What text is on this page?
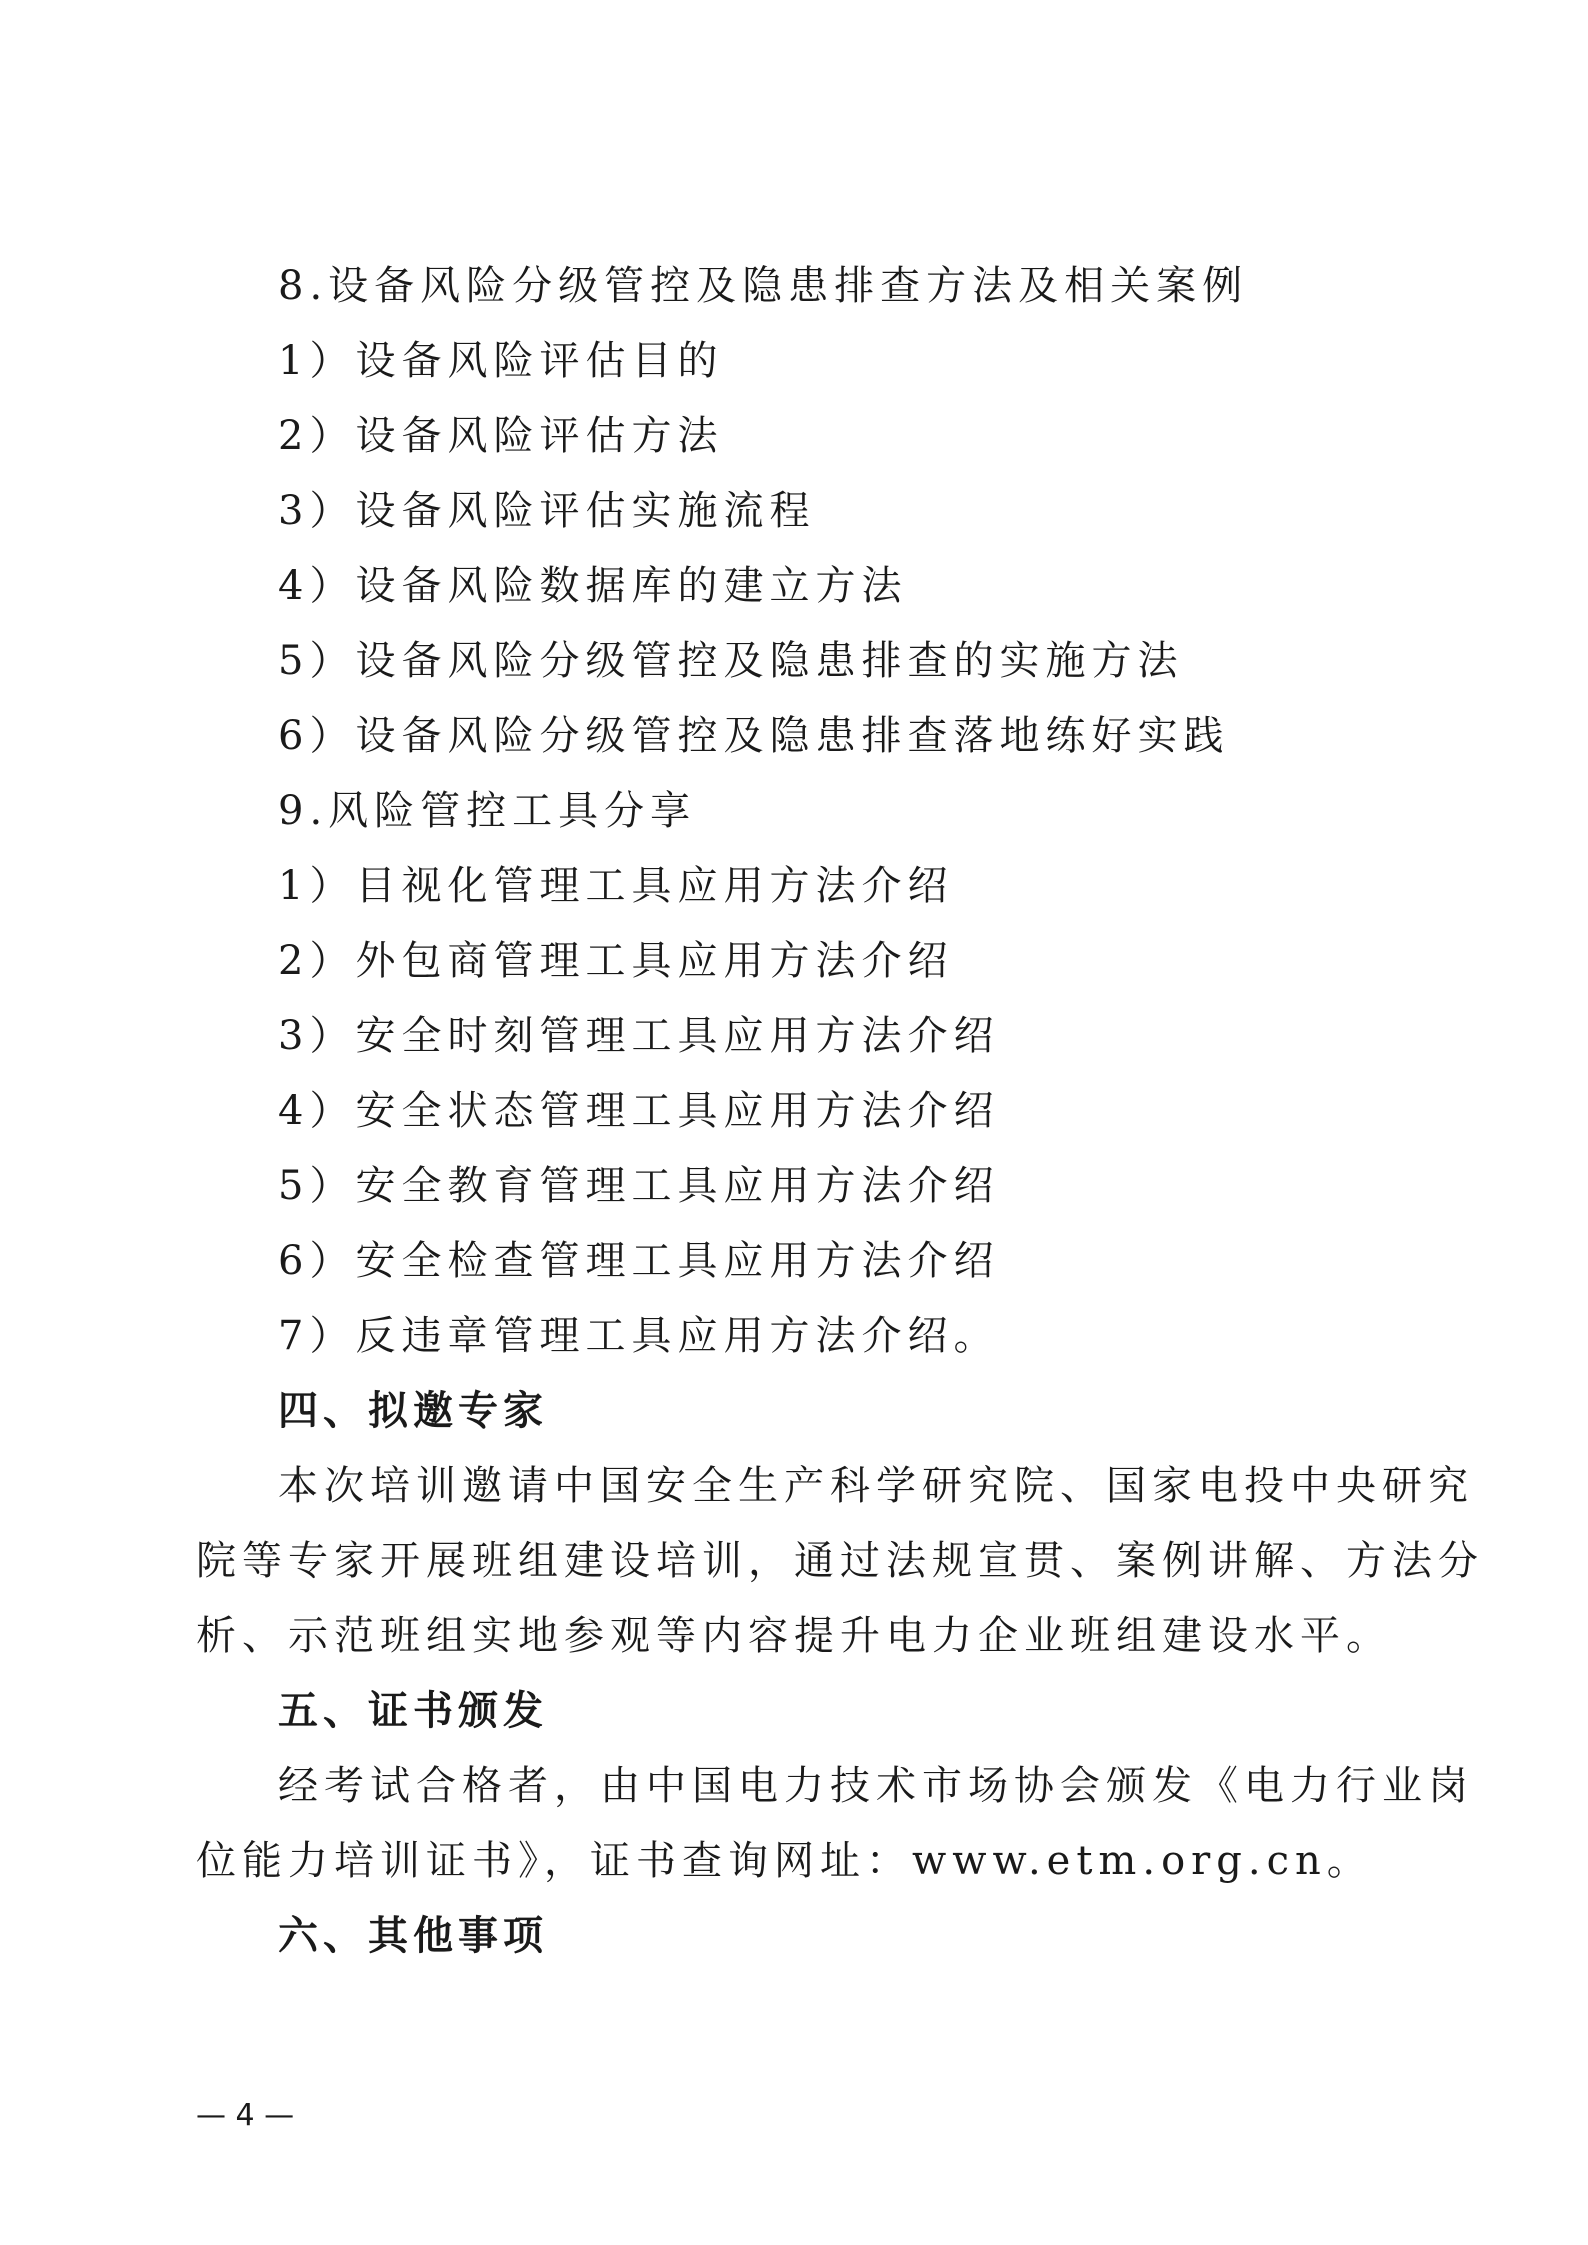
8.设备风险分级管控及隐患排查方法及相关案例
1）设备风险评估目的
2）设备风险评估方法
3）设备风险评估实施流程
4）设备风险数据库的建立方法
5）设备风险分级管控及隐患排查的实施方法
6）设备风险分级管控及隐患排查落地练好实践
9.风险管控工具分享
1）目视化管理工具应用方法介绍
2）外包商管理工具应用方法介绍
3）安全时刻管理工具应用方法介绍
4）安全状态管理工具应用方法介绍
5）安全教育管理工具应用方法介绍
6）安全检查管理工具应用方法介绍
7）反违章管理工具应用方法介绍。
四、拟邀专家
本次培训邀请中国安全生产科学研究院、国家电投中央研究
院等专家开展班组建设培训，通过法规宣贯、案例讲解、方法分
析、示范班组实地参观等内容提升电力企业班组建设水平。
五、证书颁发
经考试合格者，由中国电力技术市场协会颁发《电力行业岗
位能力培训证书》，证书查询网址：www.etm.org.cn。
六、其他事项
— 4 —
